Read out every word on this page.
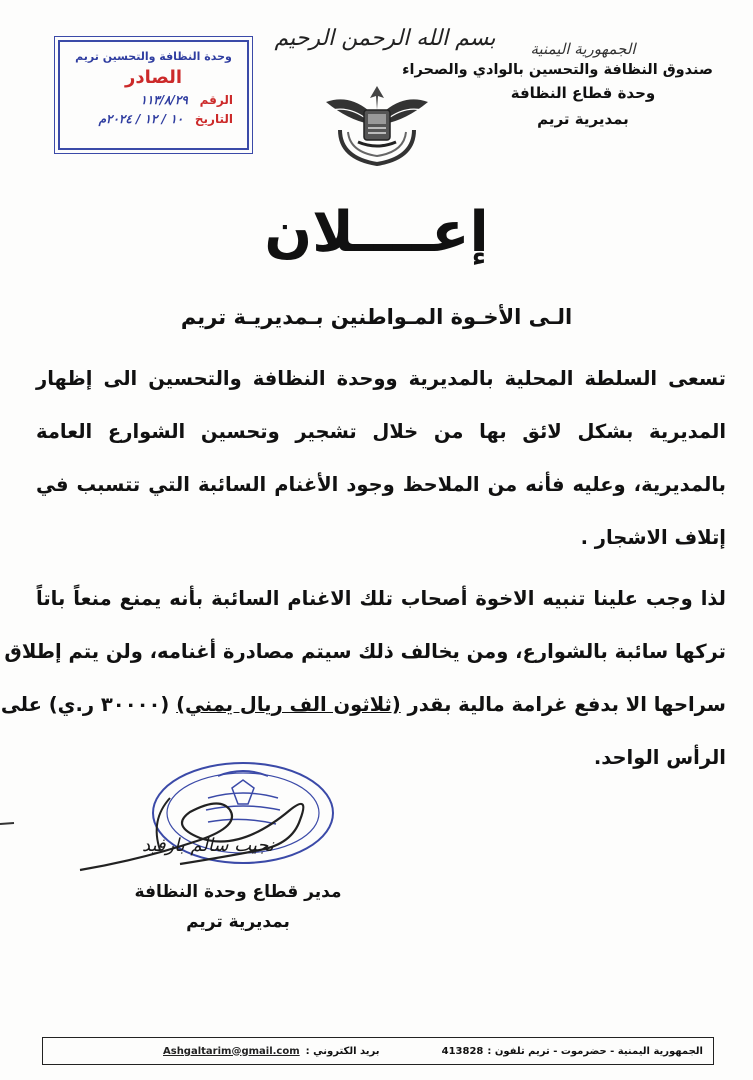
بسم الله الرحمن الرحيم	الجمهورية اليمنية
صندوق النظافة والتحسين بالوادي والصحراء
وحدة قطاع النظافة
بمديرية تريم
وحدة النظافة والتحسين تريم
الصادر
الرقم ١١٣/٨/٢٩
التاريخ ١٠ / ١٢ / ٢٠٢٤م
إعــــلان
الـى الأخـوة المـواطنين بـمديريـة تريم
تسعى السلطة المحلية بالمديرية ووحدة النظافة والتحسين الى إظهار
المديرية بشكل لائق بها من خلال تشجير وتحسين الشوارع العامة
بالمديرية، وعليه فأنه من الملاحظ وجود الأغنام السائبة التي تتسبب في
إتلاف الاشجار .
لذا وجب علينا تنبيه الاخوة أصحاب تلك الاغنام السائبة بأنه يمنع منعاً باتاً
تركها سائبة بالشوارع، ومن يخالف ذلك سيتم مصادرة أغنامه، ولن يتم إطلاق
سراحها الا بدفع غرامة مالية بقدر (ثلاثون الف ريال يمني) (٣٠٠٠٠ ر.ي) على
الرأس الواحد.
نجيب سالم بارفيد
مدير قطاع وحدة النظافة
بمديرية تريم
الجمهورية اليمنية - حضرموت - تريم تلفون :
413828
بريد الكتروني :
Ashgaltarim@gmail.com
